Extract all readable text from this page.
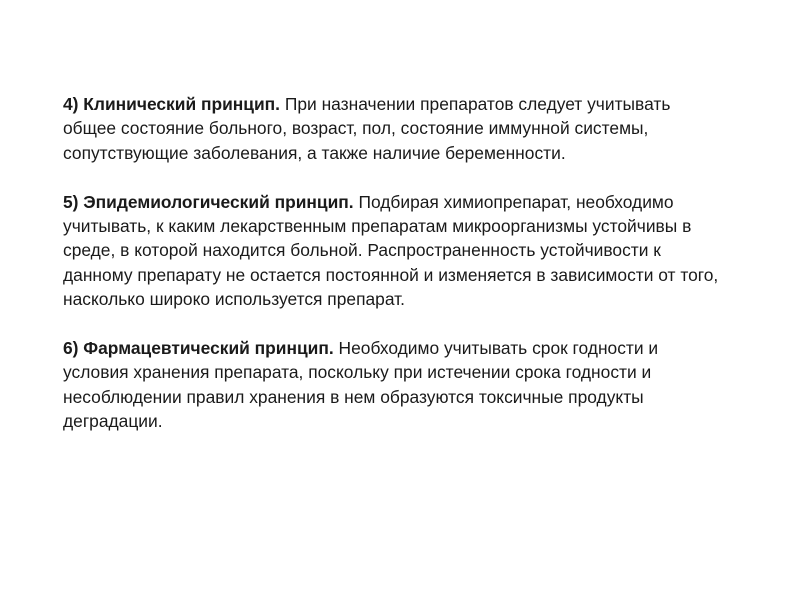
4) Клинический принцип. При назначении препаратов следует учитывать общее состояние больного, возраст, пол, состояние иммунной системы, сопутствующие заболевания, а также наличие беременности.

5) Эпидемиологический принцип. Подбирая химиопрепарат, необходимо учитывать, к каким лекарственным препаратам микроорганизмы устойчивы в среде, в которой находится больной. Распространенность устойчивости к данному препарату не остается постоянной и изменяется в зависимости от того, насколько широко используется препарат.

6) Фармацевтический принцип. Необходимо учитывать срок годности и условия хранения препарата, поскольку при истечении срока годности и несоблюдении правил хранения в нем образуются токсичные продукты деградации.
